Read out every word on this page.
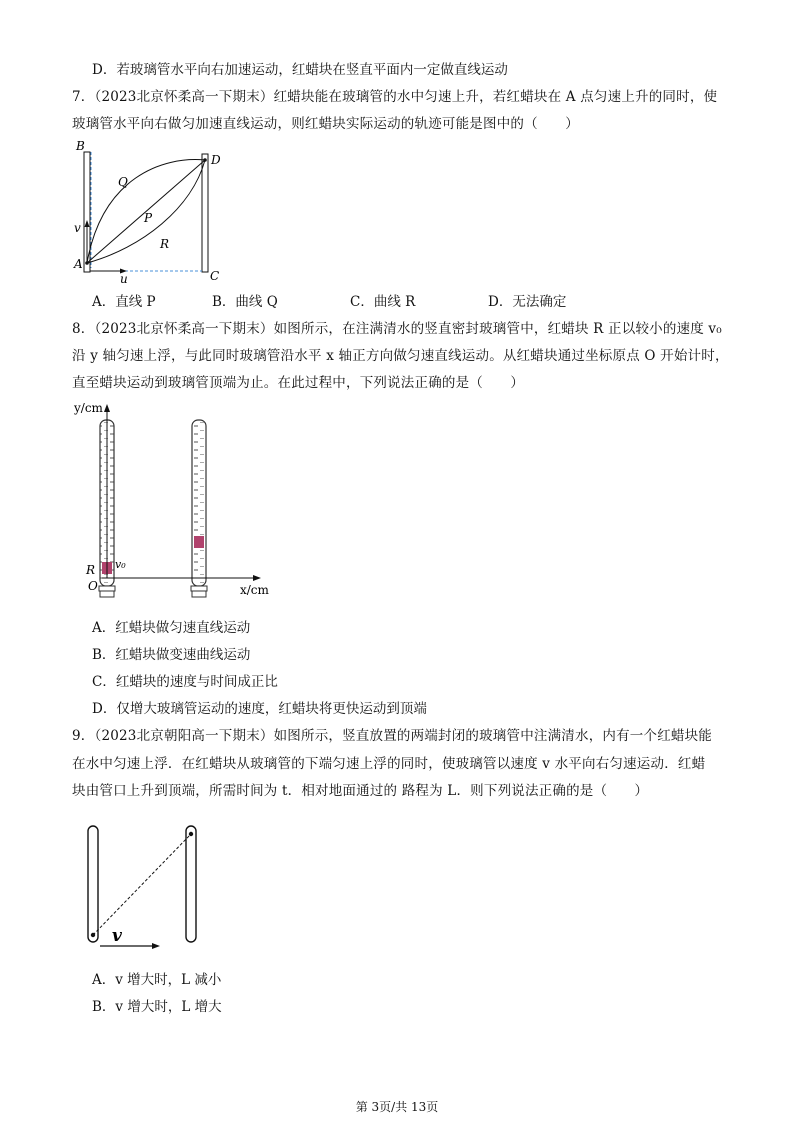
D．若玻璃管水平向右加速运动，红蜡块在竖直平面内一定做直线运动
7．（2023北京怀柔高一下期末）红蜡块能在玻璃管的水中匀速上升，若红蜡块在 A 点匀速上升的同时，使
玻璃管水平向右做匀加速直线运动，则红蜡块实际运动的轨迹可能是图中的（　　）
B
D
Q
P
R
v
A
C
u
A．直线 P	B．曲线 Q	C．曲线 R	D．无法确定
8．（2023北京怀柔高一下期末）如图所示，在注满清水的竖直密封玻璃管中，红蜡块 R 正以较小的速度 v₀
沿 y 轴匀速上浮，与此同时玻璃管沿水平 x 轴正方向做匀速直线运动。从红蜡块通过坐标原点 O 开始计时，
直至蜡块运动到玻璃管顶端为止。在此过程中，下列说法正确的是（　　）
y/cm
x/cm
R
O
v₀
A．红蜡块做匀速直线运动
B．红蜡块做变速曲线运动
C．红蜡块的速度与时间成正比
D．仅增大玻璃管运动的速度，红蜡块将更快运动到顶端
9．（2023北京朝阳高一下期末）如图所示，竖直放置的两端封闭的玻璃管中注满清水，内有一个红蜡块能
在水中匀速上浮．在红蜡块从玻璃管的下端匀速上浮的同时，使玻璃管以速度 v 水平向右匀速运动．红蜡
块由管口上升到顶端，所需时间为 t．相对地面通过的 路程为 L．则下列说法正确的是（　　）
v
A．v 增大时，L 减小
B．v 增大时，L 增大
第 3页/共 13页
